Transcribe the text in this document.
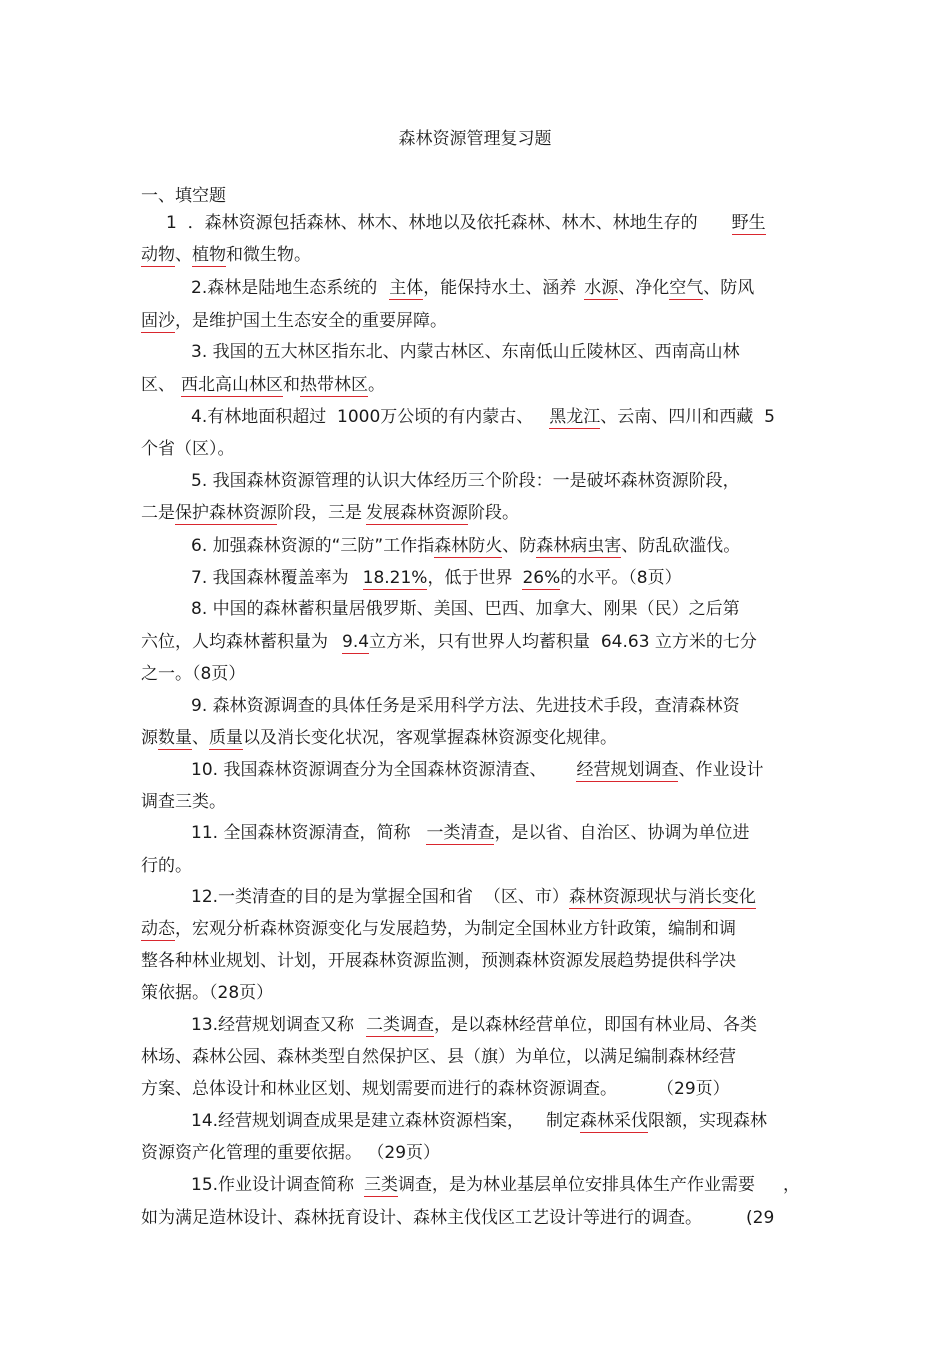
森林资源管理复习题
一、填空题
1  ．森林资源包括森林、林木、林地以及依托森林、林木、林地生存的 野生
动物、植物和微生物。
2.森林是陆地生态系统的 主体，能保持水土、涵养 水源、净化空气、防风
固沙，是维护国土生态安全的重要屏障。
3. 我国的五大林区指东北、内蒙古林区、东南低山丘陵林区、西南高山林
区、 西北高山林区和热带林区。
4.有林地面积超过  1000万公顷的有内蒙古、 黑龙江、云南、四川和西藏  5
个省（区）。
5. 我国森林资源管理的认识大体经历三个阶段：一是破坏森林资源阶段，
二是保护森林资源阶段，三是 发展森林资源阶段。
6. 加强森林资源的“三防”工作指森林防火、防森林病虫害、防乱砍滥伐。
7. 我国森林覆盖率为 18.21%，低于世界 26%的水平。（8页）
8. 中国的森林蓄积量居俄罗斯、美国、巴西、加拿大、刚果（民）之后第
六位，人均森林蓄积量为 9.4立方米，只有世界人均蓄积量  64.63 立方米的七分
之一。（8页）
9. 森林资源调查的具体任务是采用科学方法、先进技术手段，查清森林资
源数量、质量以及消长变化状况，客观掌握森林资源变化规律。
10. 我国森林资源调查分为全国森林资源清查、 经营规划调查、作业设计
调查三类。
11. 全国森林资源清查，简称 一类清查，是以省、自治区、协调为单位进
行的。
12.一类清查的目的是为掌握全国和省  （区、市）森林资源现状与消长变化
动态，宏观分析森林资源变化与发展趋势，为制定全国林业方针政策，编制和调
整各种林业规划、计划，开展森林资源监测，预测森林资源发展趋势提供科学决
策依据。（28页）
13.经营规划调查又称 二类调查，是以森林经营单位，即国有林业局、各类
林场、森林公园、森林类型自然保护区、县（旗）为单位，以满足编制森林经营
方案、总体设计和林业区划、规划需要而进行的森林资源调查。 （29页）
14.经营规划调查成果是建立森林资源档案， 制定森林采伐限额，实现森林
资源资产化管理的重要依据。 （29页）
15.作业设计调查简称 三类调查，是为林业基层单位安排具体生产作业需要 ，
如为满足造林设计、森林抚育设计、森林主伐伐区工艺设计等进行的调查。	(29
